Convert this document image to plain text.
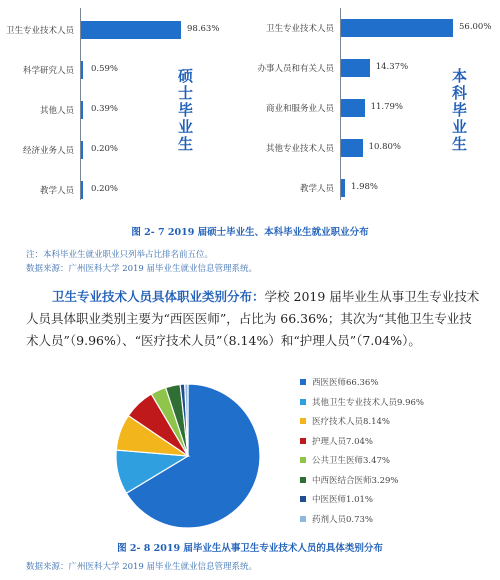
卫生专业技术人员	98.63%
科学研究人员 0.59%
其他人员 0.39%
经济业务人员 0.20%
教学人员 0.20%
硕士毕业生
卫生专业技术人员	56.00%
办事人员和有关人员	14.37%
商业和服务业人员	11.79%
其他专业技术人员	10.80%
教学人员 1.98%
本科毕业生
图 2- 7 2019 届硕士毕业生、本科毕业生就业职业分布
注：本科毕业生就业职业只列举占比排名前五位。
数据来源：广州医科大学 2019 届毕业生就业信息管理系统。
卫生专业技术人员具体职业类别分布：学校 2019 届毕业生从事卫生专业技术人员具体职业类别主要为“西医医师”，占比为 66.36%；其次为“其他卫生专业技术人员”（9.96%）、“医疗技术人员”（8.14%）和“护理人员”（7.04%）。
西医医师66.36%
其他卫生专业技术人员9.96%
医疗技术人员8.14%
护理人员7.04%
公共卫生医师3.47%
中西医结合医师3.29%
中医医师1.01%
药剂人员0.73%
图 2- 8 2019 届毕业生从事卫生专业技术人员的具体类别分布
数据来源：广州医科大学 2019 届毕业生就业信息管理系统。
